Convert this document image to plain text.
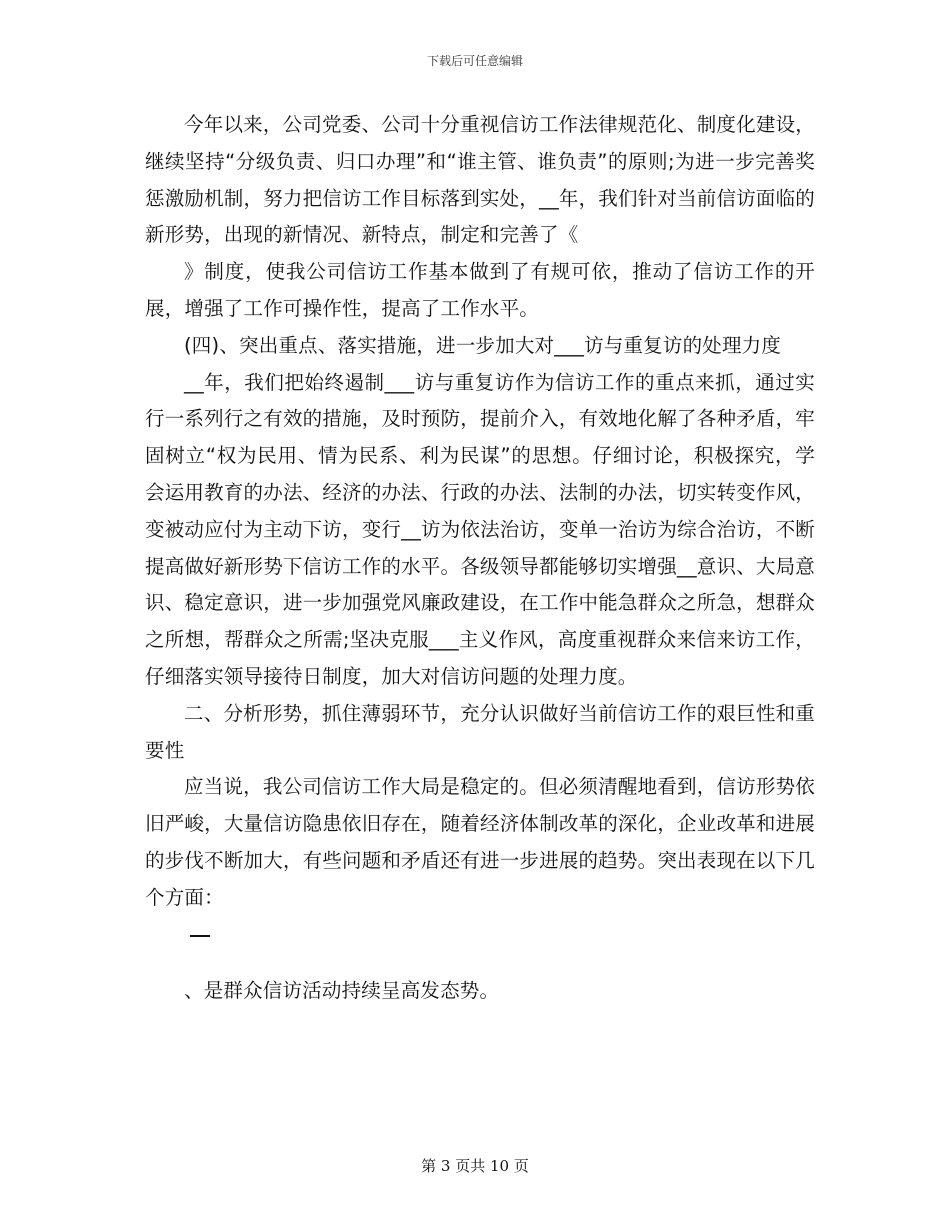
下载后可任意编辑

今年以来，公司党委、公司十分重视信访工作法律规范化、制度化建设，继续坚持“分级负责、归口办理”和“谁主管、谁负责”的原则;为进一步完善奖惩激励机制，努力把信访工作目标落到实处，__年，我们针对当前信访面临的新形势，出现的新情况、新特点，制定和完善了《

》制度，使我公司信访工作基本做到了有规可依，推动了信访工作的开展，增强了工作可操作性，提高了工作水平。

(四)、突出重点、落实措施，进一步加大对___访与重复访的处理力度

__年，我们把始终遏制___访与重复访作为信访工作的重点来抓，通过实行一系列行之有效的措施，及时预防，提前介入，有效地化解了各种矛盾，牢固树立“权为民用、情为民系、利为民谋”的思想。仔细讨论，积极探究，学会运用教育的办法、经济的办法、行政的办法、法制的办法，切实转变作风，变被动应付为主动下访，变行__访为依法治访，变单一治访为综合治访，不断提高做好新形势下信访工作的水平。各级领导都能够切实增强__意识、大局意识、稳定意识，进一步加强党风廉政建设，在工作中能急群众之所急，想群众之所想，帮群众之所需;坚决克服___主义作风，高度重视群众来信来访工作，仔细落实领导接待日制度，加大对信访问题的处理力度。

二、分析形势，抓住薄弱环节，充分认识做好当前信访工作的艰巨性和重要性

应当说，我公司信访工作大局是稳定的。但必须清醒地看到，信访形势依旧严峻，大量信访隐患依旧存在，随着经济体制改革的深化，企业改革和进展的步伐不断加大，有些问题和矛盾还有进一步进展的趋势。突出表现在以下几个方面：

、是群众信访活动持续呈高发态势。

第 3 页共 10 页
